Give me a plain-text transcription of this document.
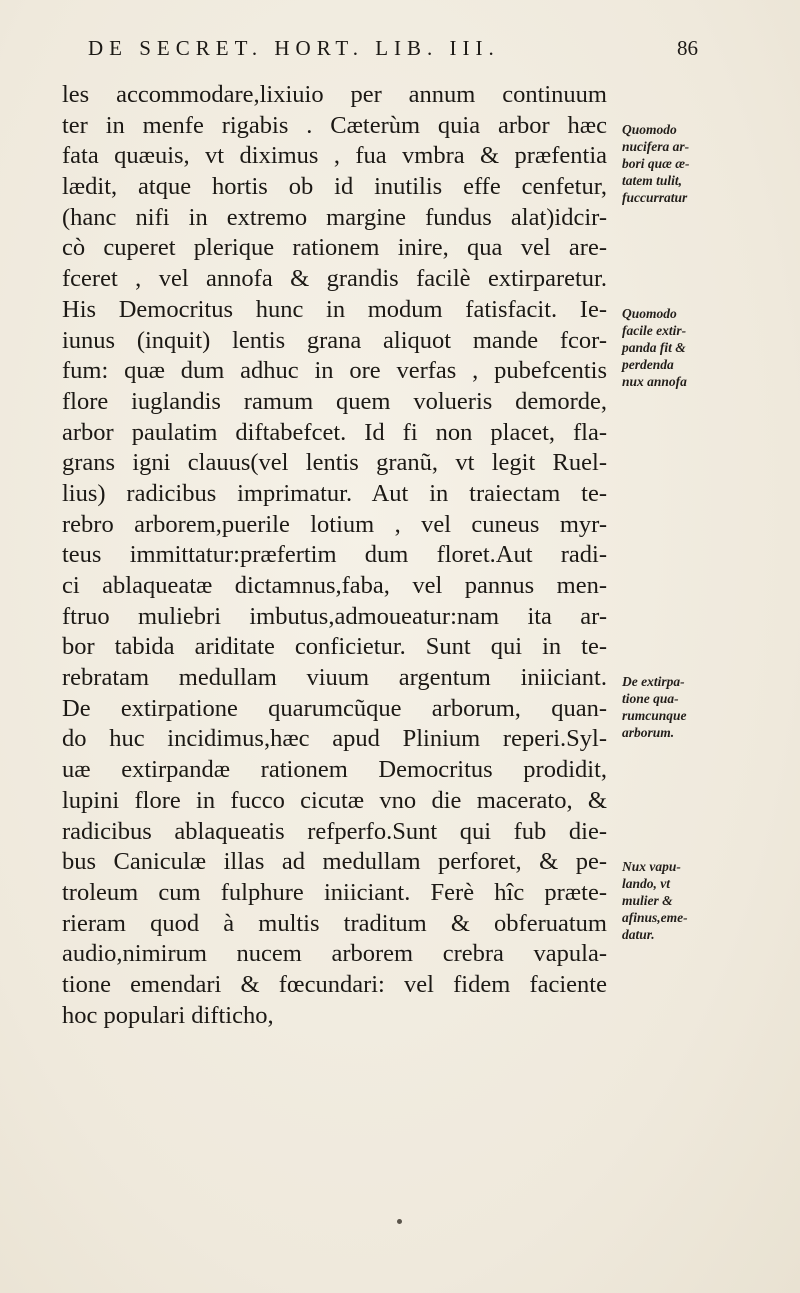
DE SECRET. HORT. LIB. III.	86
les accommodare,lixiuio per annum continuum
ter in menfe rigabis . Cæterùm quia arbor hæc
fata quæuis, vt diximus , fua vmbra & præfentia
lædit, atque hortis ob id inutilis effe cenfetur,
(hanc nifi in extremo margine fundus alat)idcir-
cò cuperet plerique rationem inire, qua vel are-
fceret , vel annofa & grandis facilè extirparetur.
His Democritus hunc in modum fatisfacit. Ie-
iunus (inquit) lentis grana aliquot mande fcor-
fum: quæ dum adhuc in ore verfas , pubefcentis
flore iuglandis ramum quem volueris demorde,
arbor paulatim diftabefcet. Id fi non placet, fla-
grans igni clauus(vel lentis granũ, vt legit Ruel-
lius) radicibus imprimatur. Aut in traiectam te-
rebro arborem,puerile lotium , vel cuneus myr-
teus immittatur:præfertim dum floret.Aut radi-
ci ablaqueatæ dictamnus,faba, vel pannus men-
ftruo muliebri imbutus,admoueatur:nam ita ar-
bor tabida ariditate conficietur. Sunt qui in te-
rebratam medullam viuum argentum iniiciant.
De extirpatione quarumcũque arborum, quan-
do huc incidimus,hæc apud Plinium reperi.Syl-
uæ extirpandæ rationem Democritus prodidit,
lupini flore in fucco cicutæ vno die macerato, &
radicibus ablaqueatis refperfo.Sunt qui fub die-
bus Caniculæ illas ad medullam perforet, & pe-
troleum cum fulphure iniiciant. Ferè hîc præte-
rieram quod à multis traditum & obferuatum
audio,nimirum nucem arborem crebra vapula-
tione emendari & fœcundari: vel fidem faciente
hoc populari difticho,
Quomodo
nucifera ar-
bori quæ æ-
tatem tulit,
fuccurratur
Quomodo
facile extir-
panda fit &
perdenda
nux annofa
De extirpa-
tione qua-
rumcunque
arborum.
Nux vapu-
lando, vt
mulier &
afinus,eme-
datur.
